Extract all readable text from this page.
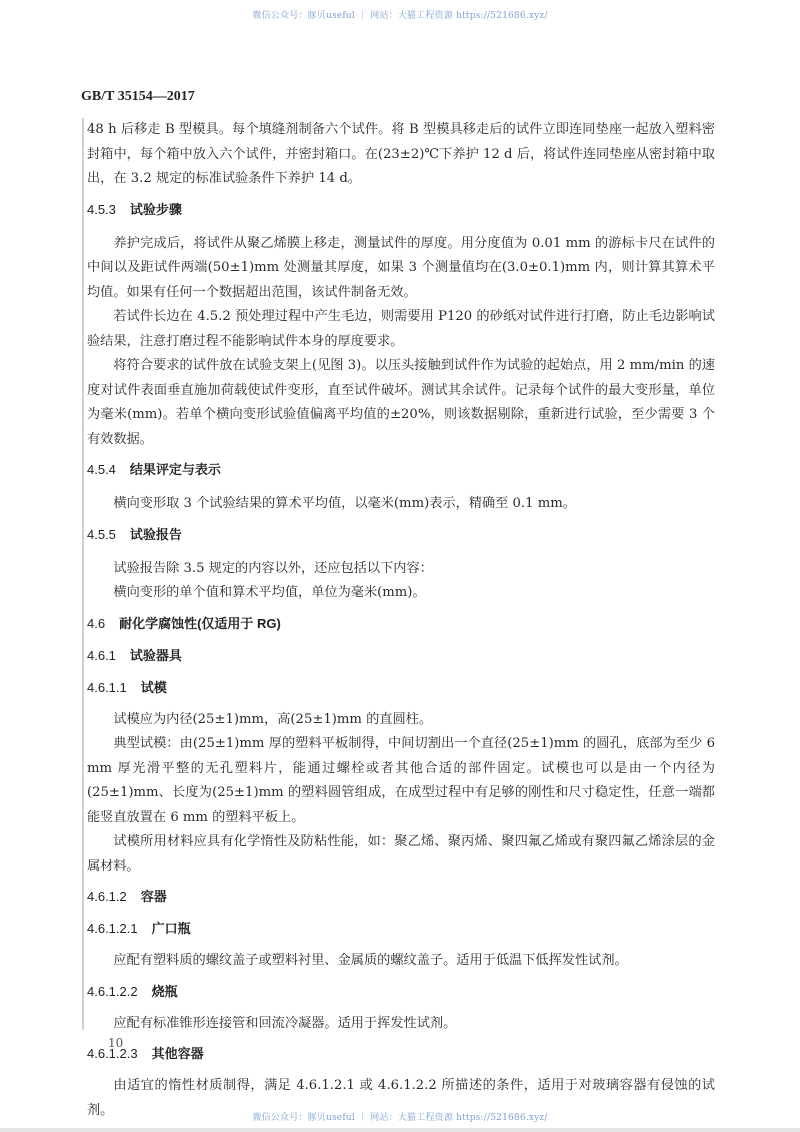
微信公众号：豚贝useful ｜ 网站：大猫工程资源 https://521686.xyz/
GB/T 35154—2017

48 h 后移走 B 型模具。每个填缝剂制备六个试件。将 B 型模具移走后的试件立即连同垫座一起放入塑料密封箱中，每个箱中放入六个试件，并密封箱口。在(23±2)℃下养护 12 d 后，将试件连同垫座从密封箱中取出，在 3.2 规定的标准试验条件下养护 14 d。

4.5.3 试验步骤

养护完成后，将试件从聚乙烯膜上移走，测量试件的厚度。用分度值为 0.01 mm 的游标卡尺在试件的中间以及距试件两端(50±1)mm 处测量其厚度，如果 3 个测量值均在(3.0±0.1)mm 内，则计算其算术平均值。如果有任何一个数据超出范围，该试件制备无效。

若试件长边在 4.5.2 预处理过程中产生毛边，则需要用 P120 的砂纸对试件进行打磨，防止毛边影响试验结果，注意打磨过程不能影响试件本身的厚度要求。

将符合要求的试件放在试验支架上(见图 3)。以压头接触到试件作为试验的起始点，用 2 mm/min 的速度对试件表面垂直施加荷载使试件变形，直至试件破坏。测试其余试件。记录每个试件的最大变形量，单位为毫米(mm)。若单个横向变形试验值偏离平均值的±20%，则该数据剔除，重新进行试验，至少需要 3 个有效数据。

4.5.4 结果评定与表示

横向变形取 3 个试验结果的算术平均值，以毫米(mm)表示，精确至 0.1 mm。

4.5.5 试验报告

试验报告除 3.5 规定的内容以外，还应包括以下内容：

横向变形的单个值和算术平均值，单位为毫米(mm)。

4.6 耐化学腐蚀性(仅适用于 RG)

4.6.1 试验器具

4.6.1.1 试模

试模应为内径(25±1)mm，高(25±1)mm 的直圆柱。

典型试模：由(25±1)mm 厚的塑料平板制得，中间切割出一个直径(25±1)mm 的圆孔，底部为至少 6 mm 厚光滑平整的无孔塑料片，能通过螺栓或者其他合适的部件固定。试模也可以是由一个内径为(25±1)mm、长度为(25±1)mm 的塑料圆管组成，在成型过程中有足够的刚性和尺寸稳定性，任意一端都能竖直放置在 6 mm 的塑料平板上。

试模所用材料应具有化学惰性及防粘性能，如：聚乙烯、聚丙烯、聚四氟乙烯或有聚四氟乙烯涂层的金属材料。

4.6.1.2 容器

4.6.1.2.1 广口瓶

应配有塑料质的螺纹盖子或塑料衬里、金属质的螺纹盖子。适用于低温下低挥发性试剂。

4.6.1.2.2 烧瓶

应配有标准锥形连接管和回流冷凝器。适用于挥发性试剂。

4.6.1.2.3 其他容器

由适宜的惰性材质制得，满足 4.6.1.2.1 或 4.6.1.2.2 所描述的条件，适用于对玻璃容器有侵蚀的试剂。

10
微信公众号：豚贝useful ｜ 网站：大猫工程资源 https://521686.xyz/
